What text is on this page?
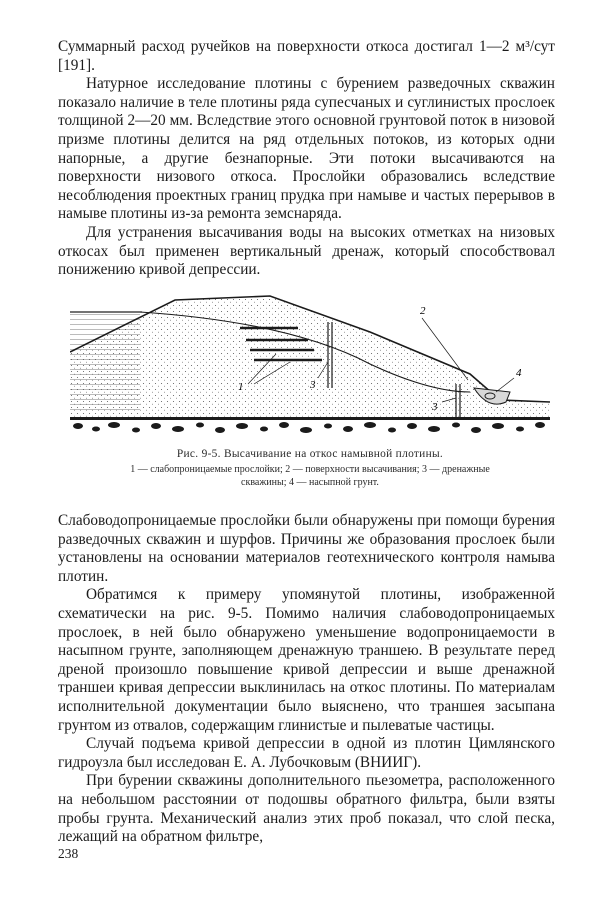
Суммарный расход ручейков на поверхности откоса достигал 1—2 м³/сут [191].

Натурное исследование плотины с бурением разведочных скважин показало наличие в теле плотины ряда супесчаных и суглинистых прослоек толщиной 2—20 мм. Вследствие этого основной грунтовой поток в низовой призме плотины делится на ряд отдельных потоков, из которых одни напорные, а другие безнапорные. Эти потоки высачиваются на поверхности низового откоса. Прослойки образовались вследствие несоблюдения проектных границ прудка при намыве и частых перерывов в намыве плотины из-за ремонта земснаряда.

Для устранения высачивания воды на высоких отметках на низовых откосах был применен вертикальный дренаж, который способствовал понижению кривой депрессии.

1	3
2
3
4
Рис. 9-5. Высачивание на откос намывной плотины.
1 — слабопроницаемые прослойки; 2 — поверхности высачивания; 3 — дренажные
скважины; 4 — насыпной грунт.

Слабоводопроницаемые прослойки были обнаружены при помощи бурения разведочных скважин и шурфов. Причины же образования прослоек были установлены на основании материалов геотехнического контроля намыва плотин.

Обратимся к примеру упомянутой плотины, изображенной схематически на рис. 9-5. Помимо наличия слабоводопроницаемых прослоек, в ней было обнаружено уменьшение водопроницаемости в насыпном грунте, заполняющем дренажную траншею. В результате перед дреной произошло повышение кривой депрессии и выше дренажной траншеи кривая депрессии выклинилась на откос плотины. По материалам исполнительной документации было выяснено, что траншея засыпана грунтом из отвалов, содержащим глинистые и пылеватые частицы.

Случай подъема кривой депрессии в одной из плотин Цимлянского гидроузла был исследован Е. А. Лубочковым (ВНИИГ).

При бурении скважины дополнительного пьезометра, расположенного на небольшом расстоянии от подошвы обратного фильтра, были взяты пробы грунта. Механический анализ этих проб показал, что слой песка, лежащий на обратном фильтре,

238
